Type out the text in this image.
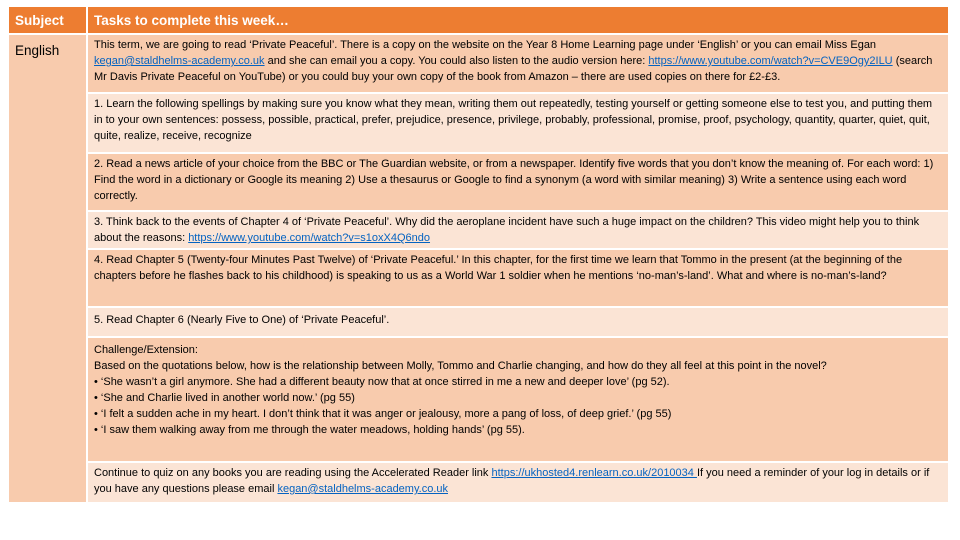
Subject	Tasks to complete this week…
English	This term, we are going to read ‘Private Peaceful’. There is a copy on the website on the Year 8 Home Learning page under ‘English’ or you can email Miss Egan kegan@staldhelms-academy.co.uk and she can email you a copy. You could also listen to the audio version here: https://www.youtube.com/watch?v=CVE9Ogy2ILU (search Mr Davis Private Peaceful on YouTube) or you could buy your own copy of the book from Amazon – there are used copies on there for £2-£3.

1. Learn the following spellings by making sure you know what they mean, writing them out repeatedly, testing yourself or getting someone else to test you, and putting them in to your own sentences: possess, possible, practical, prefer, prejudice, presence, privilege, probably, professional, promise, proof, psychology, quantity, quarter, quiet, quit, quite, realize, receive, recognize

2. Read a news article of your choice from the BBC or The Guardian website, or from a newspaper. Identify five words that you don’t know the meaning of. For each word: 1) Find the word in a dictionary or Google its meaning 2) Use a thesaurus or Google to find a synonym (a word with similar meaning) 3) Write a sentence using each word correctly.

3. Think back to the events of Chapter 4 of ‘Private Peaceful’. Why did the aeroplane incident have such a huge impact on the children? This video might help you to think about the reasons: https://www.youtube.com/watch?v=s1oxX4Q6ndo

4. Read Chapter 5 (Twenty-four Minutes Past Twelve) of ‘Private Peaceful.’ In this chapter, for the first time we learn that Tommo in the present (at the beginning of the chapters before he flashes back to his childhood) is speaking to us as a World War 1 soldier when he mentions ‘no-man’s-land’. What and where is no-man’s-land?

5. Read Chapter 6 (Nearly Five to One) of ‘Private Peaceful’.

Challenge/Extension:

Based on the quotations below, how is the relationship between Molly, Tommo and Charlie changing, and how do they all feel at this point in the novel?

• ‘She wasn’t a girl anymore. She had a different beauty now that at once stirred in me a new and deeper love’ (pg 52).

• ‘She and Charlie lived in another world now.’ (pg 55)

• ‘I felt a sudden ache in my heart. I don’t think that it was anger or jealousy, more a pang of loss, of deep grief.’ (pg 55)

• ‘I saw them walking away from me through the water meadows, holding hands’ (pg 55).

Continue to quiz on any books you are reading using the Accelerated Reader link https://ukhosted4.renlearn.co.uk/2010034 If you need a reminder of your log in details or if you have any questions please email kegan@staldhelms-academy.co.uk
